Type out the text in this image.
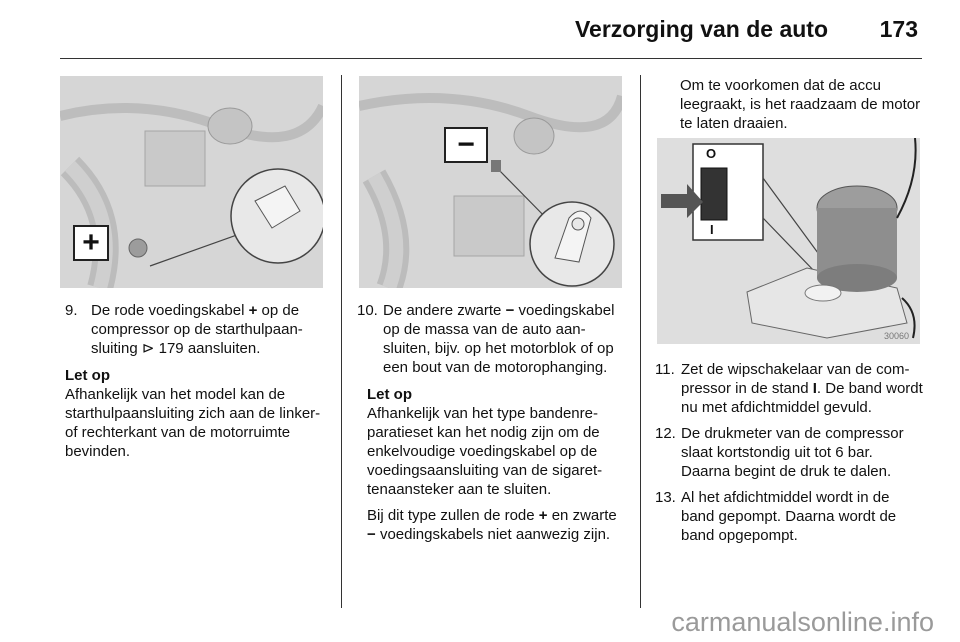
Verzorging van de auto 173
+
−	O
I
30060
9. De rode voedingskabel + op de compressor op de starthulpaansluiting ⊳ 179 aansluiten.
Let op
Afhankelijk van het model kan de starthulpaansluiting zich aan de linker- of rechterkant van de motorruimte bevinden.
10. De andere zwarte − voedingskabel op de massa van de auto aansluiten, bijv. op het motorblok of op een bout van de motorophanging.
Let op

Afhankelijk van het type bandenreparatieset kan het nodig zijn om de enkelvoudige voedingskabel op de voedingsaansluiting van de sigarettenaansteker aan te sluiten.

Bij dit type zullen de rode + en zwarte − voedingskabels niet aanwezig zijn.

Om te voorkomen dat de accu leegraakt, is het raadzaam de motor te laten draaien.
11. Zet de wipschakelaar van de compressor in de stand I. De band wordt nu met afdichtmiddel gevuld.
12. De drukmeter van de compressor slaat kortstondig uit tot 6 bar. Daarna begint de druk te dalen.
13. Al het afdichtmiddel wordt in de band gepompt. Daarna wordt de band opgepompt.
carmanualsonline.info
